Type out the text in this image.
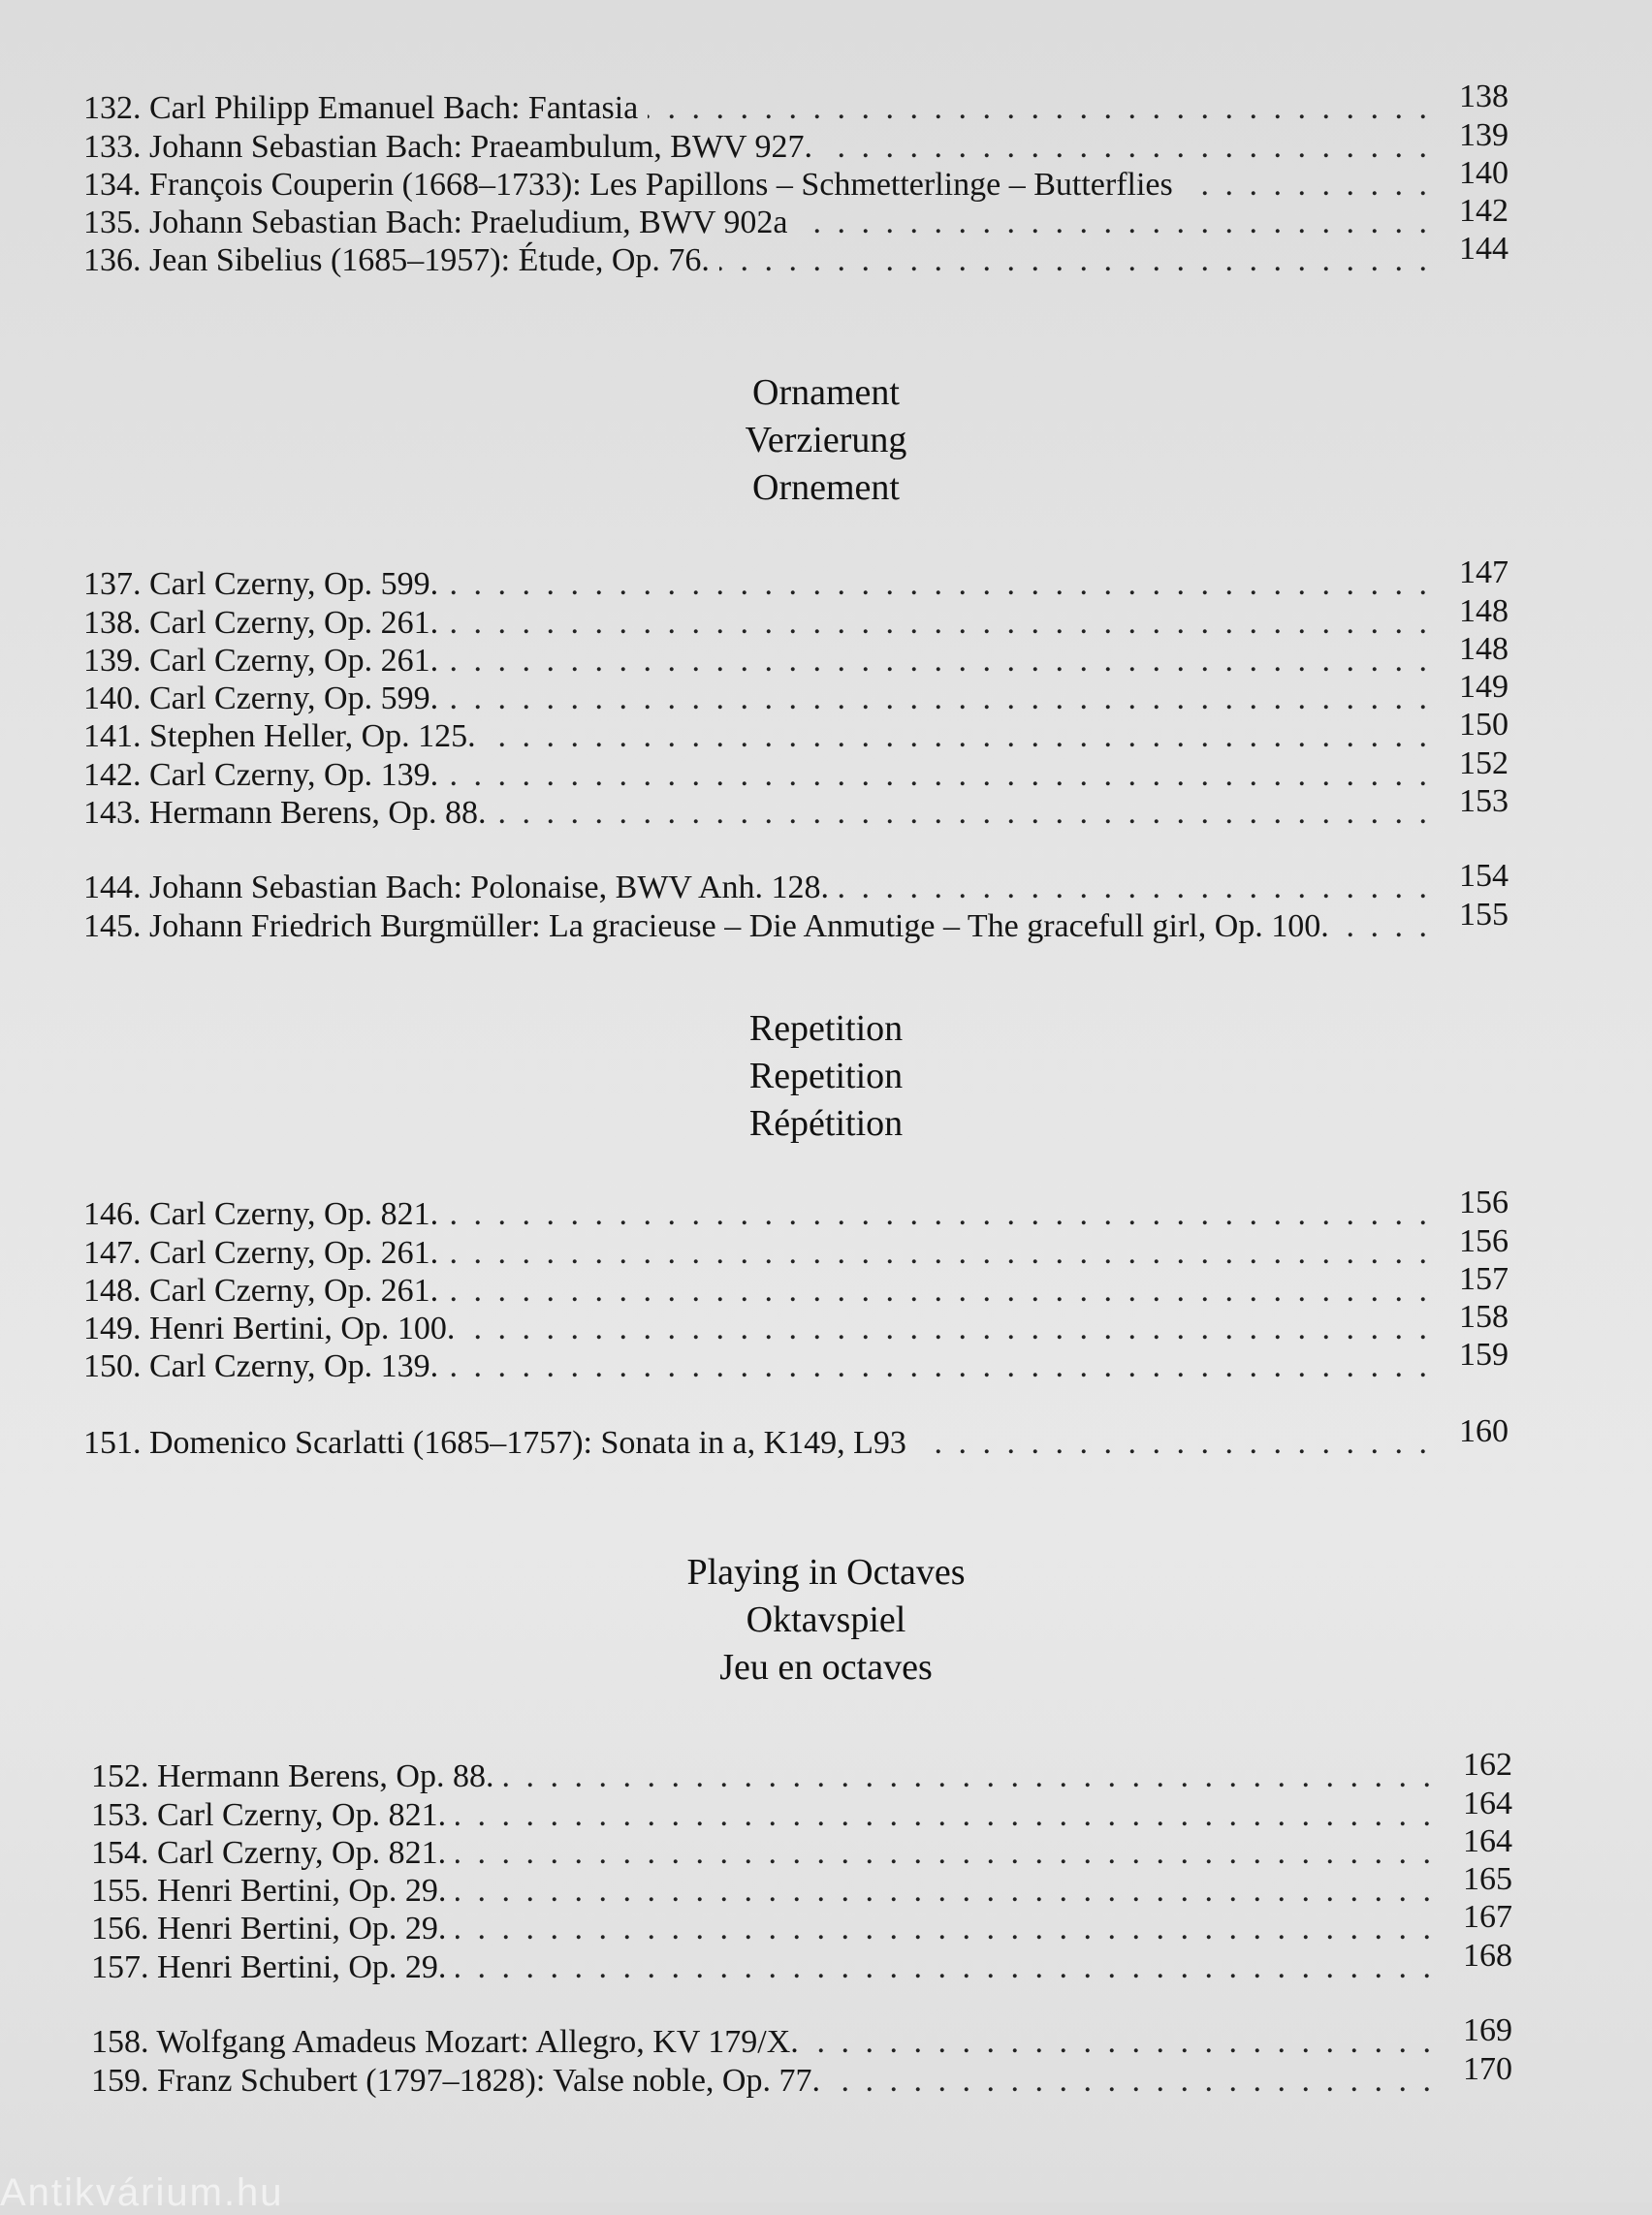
132. Carl Philipp Emanuel Bach: Fantasia . . .	138
133. Johann Sebastian Bach: Praeambulum, BWV 927. . . .	139
134. François Couperin (1668–1733): Les Papillons – Schmetterlinge – Butterflies . . .	140
135. Johann Sebastian Bach: Praeludium, BWV 902a . . .	142
136. Jean Sibelius (1685–1957): Étude, Op. 76. . . .	144
Ornament
Verzierung
Ornement
137. Carl Czerny, Op. 599. . . .	147
138. Carl Czerny, Op. 261. . . .	148
139. Carl Czerny, Op. 261. . . .	148
140. Carl Czerny, Op. 599. . . .	149
141. Stephen Heller, Op. 125. . . .	150
142. Carl Czerny, Op. 139. . . .	152
143. Hermann Berens, Op. 88. . . .	153
144. Johann Sebastian Bach: Polonaise, BWV Anh. 128. . . .	154
145. Johann Friedrich Burgmüller: La gracieuse – Die Anmutige – The gracefull girl, Op. 100. . . .	155
Repetition
Repetition
Répétition
146. Carl Czerny, Op. 821. . . .	156
147. Carl Czerny, Op. 261. . . .	156
148. Carl Czerny, Op. 261. . . .	157
149. Henri Bertini, Op. 100. . . .	158
150. Carl Czerny, Op. 139. . . .	159
151. Domenico Scarlatti (1685–1757): Sonata in a, K149, L93 . . .	160
Playing in Octaves
Oktavspiel
Jeu en octaves
152. Hermann Berens, Op. 88. . . .	162
153. Carl Czerny, Op. 821. . . .	164
154. Carl Czerny, Op. 821. . . .	164
155. Henri Bertini, Op. 29. . . .	165
156. Henri Bertini, Op. 29. . . .	167
157. Henri Bertini, Op. 29. . . .	168
158. Wolfgang Amadeus Mozart: Allegro, KV 179/X. . . .	169
159. Franz Schubert (1797–1828): Valse noble, Op. 77. . . .	170
Antikvárium.hu
